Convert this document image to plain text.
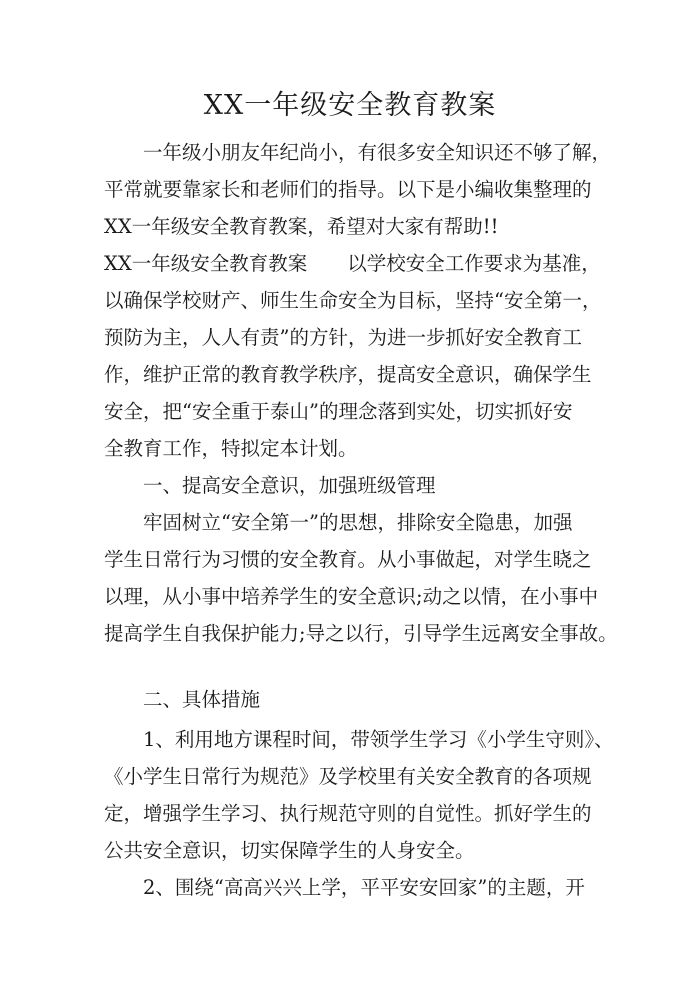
XX一年级安全教育教案

一年级小朋友年纪尚小，有很多安全知识还不够了解，

平常就要靠家长和老师们的指导。以下是小编收集整理的

XX一年级安全教育教案，希望对大家有帮助!!

XX一年级安全教育教案 以学校安全工作要求为基准，

以确保学校财产、师生生命安全为目标，坚持“安全第一，

预防为主，人人有责”的方针，为进一步抓好安全教育工

作，维护正常的教育教学秩序，提高安全意识，确保学生

安全，把“安全重于泰山”的理念落到实处，切实抓好安

全教育工作，特拟定本计划。

一、提高安全意识，加强班级管理

牢固树立“安全第一”的思想，排除安全隐患，加强

学生日常行为习惯的安全教育。从小事做起，对学生晓之

以理，从小事中培养学生的安全意识;动之以情，在小事中

提高学生自我保护能力;导之以行，引导学生远离安全事故。

二、具体措施

1、利用地方课程时间，带领学生学习《小学生守则》、

《小学生日常行为规范》及学校里有关安全教育的各项规

定，增强学生学习、执行规范守则的自觉性。抓好学生的

公共安全意识，切实保障学生的人身安全。

2、围绕“高高兴兴上学，平平安安回家”的主题，开
